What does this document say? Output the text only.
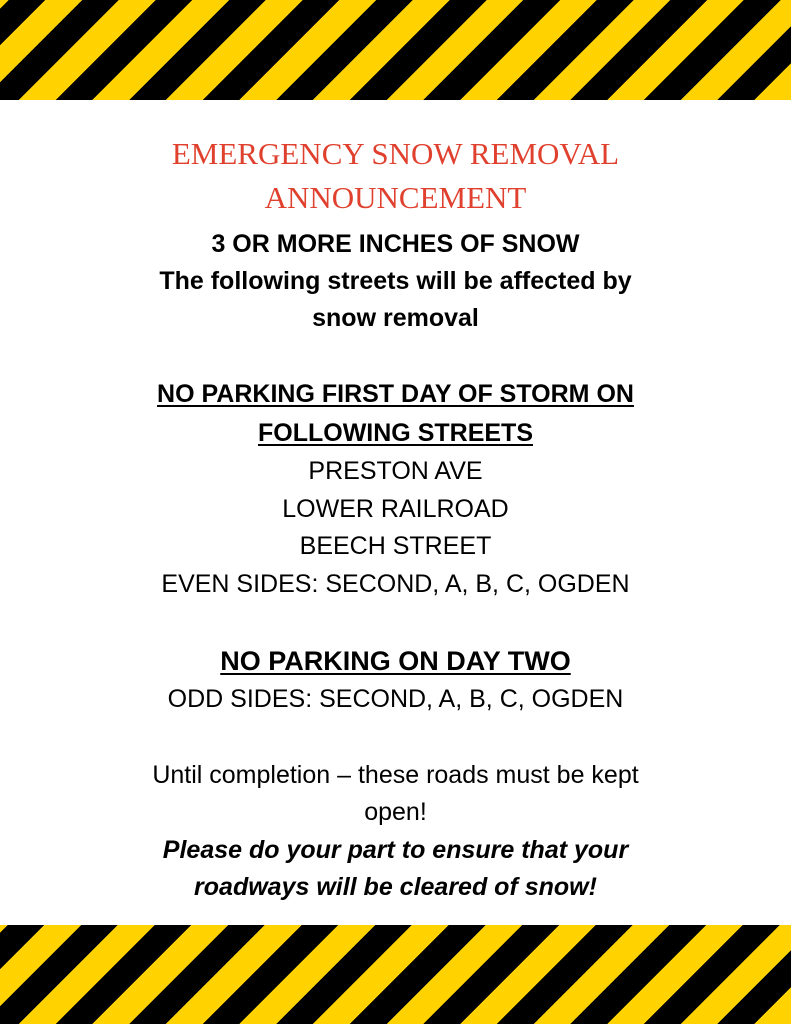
EMERGENCY SNOW REMOVAL
ANNOUNCEMENT

3 OR MORE INCHES OF SNOW
The following streets will be affected by
snow removal

NO PARKING FIRST DAY OF STORM ON
FOLLOWING STREETS
PRESTON AVE
LOWER RAILROAD
BEECH STREET
EVEN SIDES: SECOND, A, B, C, OGDEN
NO PARKING ON DAY TWO
ODD SIDES: SECOND, A, B, C, OGDEN

Until completion – these roads must be kept
open!

Please do your part to ensure that your
roadways will be cleared of snow!
